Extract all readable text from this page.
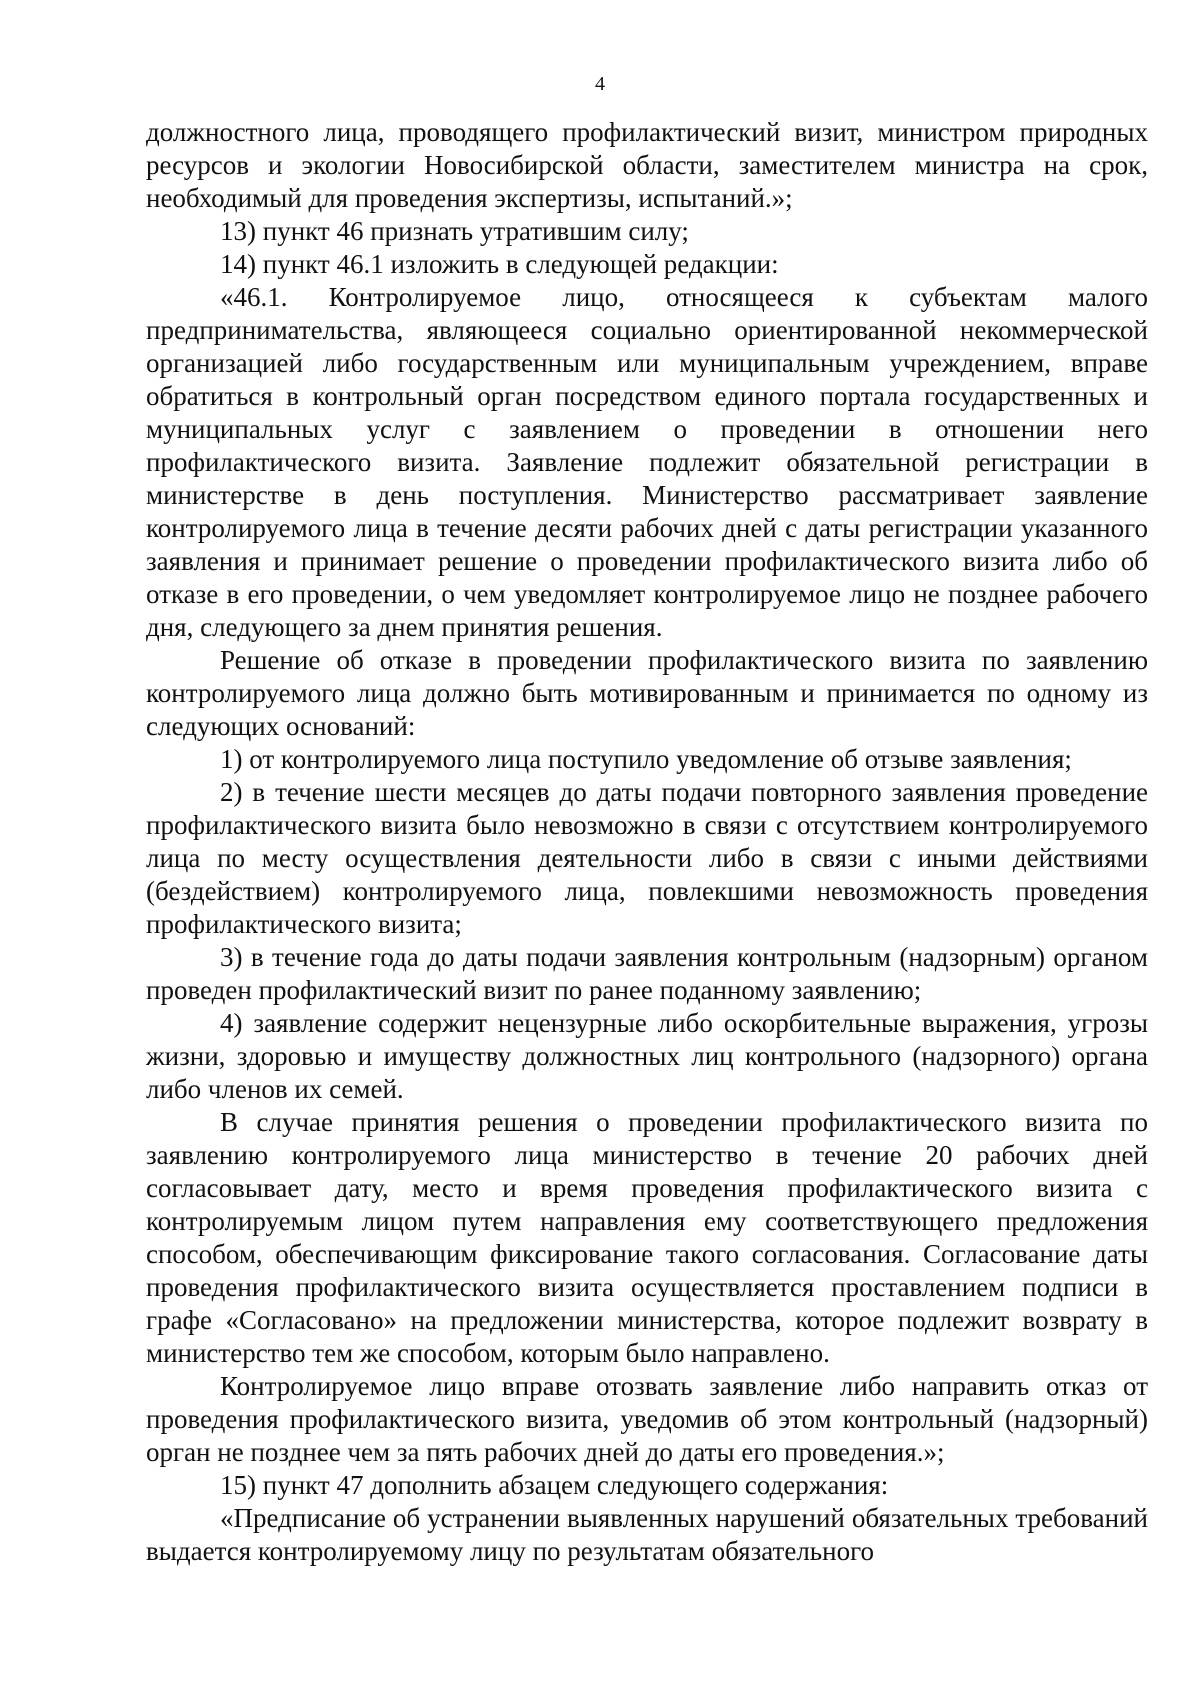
4

должностного лица, проводящего профилактический визит, министром природных ресурсов и экологии Новосибирской области, заместителем министра на срок, необходимый для проведения экспертизы, испытаний.»;

13) пункт 46 признать утратившим силу;

14) пункт 46.1 изложить в следующей редакции:

«46.1. Контролируемое лицо, относящееся к субъектам малого предпринимательства, являющееся социально ориентированной некоммерческой организацией либо государственным или муниципальным учреждением, вправе обратиться в контрольный орган посредством единого портала государственных и муниципальных услуг с заявлением о проведении в отношении него профилактического визита. Заявление подлежит обязательной регистрации в министерстве в день поступления. Министерство рассматривает заявление контролируемого лица в течение десяти рабочих дней с даты регистрации указанного заявления и принимает решение о проведении профилактического визита либо об отказе в его проведении, о чем уведомляет контролируемое лицо не позднее рабочего дня, следующего за днем принятия решения.

Решение об отказе в проведении профилактического визита по заявлению контролируемого лица должно быть мотивированным и принимается по одному из следующих оснований:

1) от контролируемого лица поступило уведомление об отзыве заявления;

2) в течение шести месяцев до даты подачи повторного заявления проведение профилактического визита было невозможно в связи с отсутствием контролируемого лица по месту осуществления деятельности либо в связи с иными действиями (бездействием) контролируемого лица, повлекшими невозможность проведения профилактического визита;

3) в течение года до даты подачи заявления контрольным (надзорным) органом проведен профилактический визит по ранее поданному заявлению;

4) заявление содержит нецензурные либо оскорбительные выражения, угрозы жизни, здоровью и имуществу должностных лиц контрольного (надзорного) органа либо членов их семей.

В случае принятия решения о проведении профилактического визита по заявлению контролируемого лица министерство в течение 20 рабочих дней согласовывает дату, место и время проведения профилактического визита с контролируемым лицом путем направления ему соответствующего предложения способом, обеспечивающим фиксирование такого согласования. Согласование даты проведения профилактического визита осуществляется проставлением подписи в графе «Согласовано» на предложении министерства, которое подлежит возврату в министерство тем же способом, которым было направлено.

Контролируемое лицо вправе отозвать заявление либо направить отказ от проведения профилактического визита, уведомив об этом контрольный (надзорный) орган не позднее чем за пять рабочих дней до даты его проведения.»;

15) пункт 47 дополнить абзацем следующего содержания:

«Предписание об устранении выявленных нарушений обязательных требований выдается контролируемому лицу по результатам обязательного
